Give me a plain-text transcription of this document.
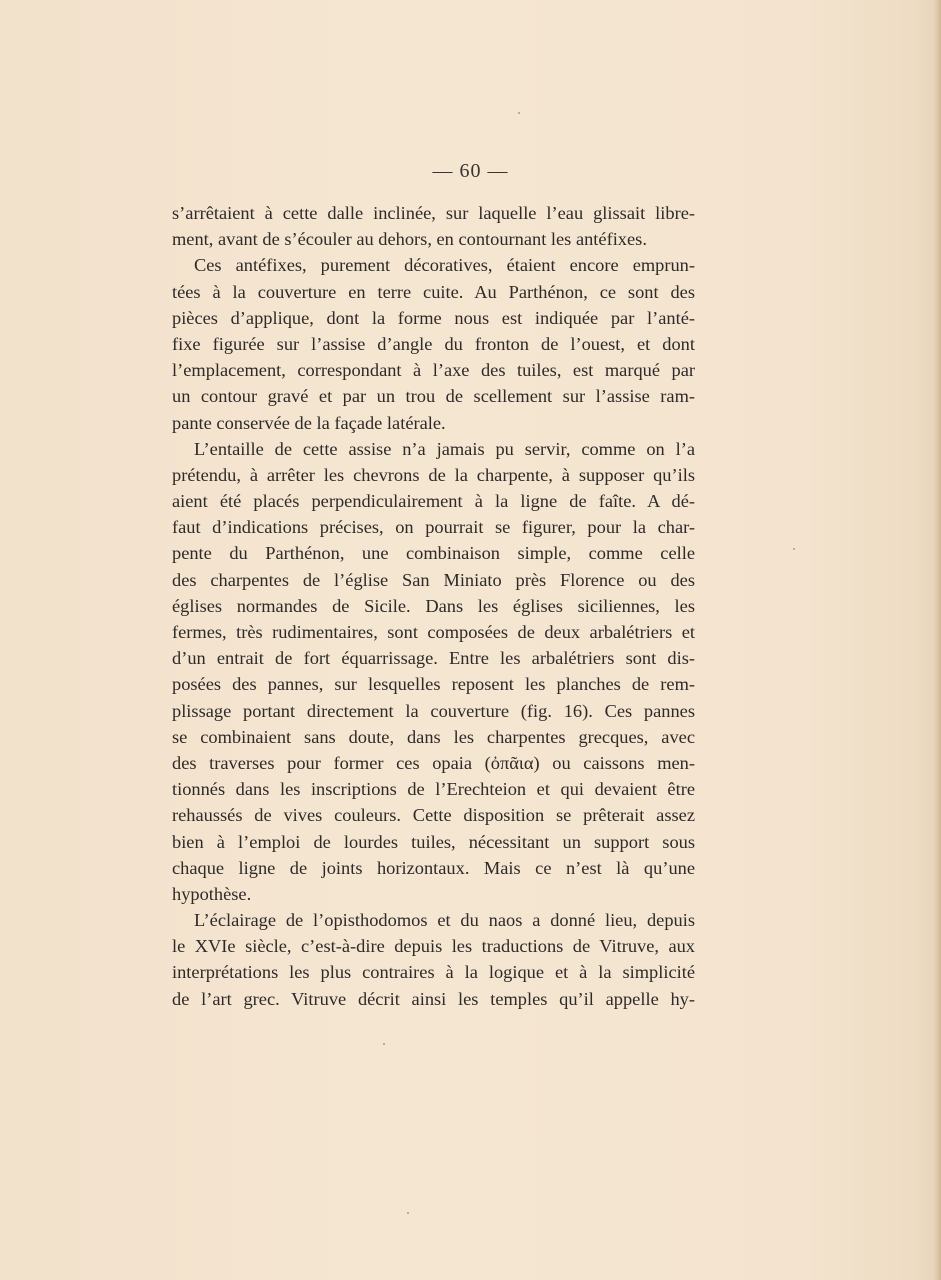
— 60 —
s’arrêtaient à cette dalle inclinée, sur laquelle l’eau glissait libre-
ment, avant de s’écouler au dehors, en contournant les antéfixes.
Ces antéfixes, purement décoratives, étaient encore emprun-
tées à la couverture en terre cuite. Au Parthénon, ce sont des
pièces d’applique, dont la forme nous est indiquée par l’anté-
fixe figurée sur l’assise d’angle du fronton de l’ouest, et dont
l’emplacement, correspondant à l’axe des tuiles, est marqué par
un contour gravé et par un trou de scellement sur l’assise ram-
pante conservée de la façade latérale.
L’entaille de cette assise n’a jamais pu servir, comme on l’a
prétendu, à arrêter les chevrons de la charpente, à supposer qu’ils
aient été placés perpendiculairement à la ligne de faîte. A dé-
faut d’indications précises, on pourrait se figurer, pour la char-
pente du Parthénon, une combinaison simple, comme celle
des charpentes de l’église San Miniato près Florence ou des
églises normandes de Sicile. Dans les églises siciliennes, les
fermes, très rudimentaires, sont composées de deux arbalétriers et
d’un entrait de fort équarrissage. Entre les arbalétriers sont dis-
posées des pannes, sur lesquelles reposent les planches de rem-
plissage portant directement la couverture (fig. 16). Ces pannes
se combinaient sans doute, dans les charpentes grecques, avec
des traverses pour former ces opaia (ὀπᾶια) ou caissons men-
tionnés dans les inscriptions de l’Erechteion et qui devaient être
rehaussés de vives couleurs. Cette disposition se prêterait assez
bien à l’emploi de lourdes tuiles, nécessitant un support sous
chaque ligne de joints horizontaux. Mais ce n’est là qu’une
hypothèse.
L’éclairage de l’opisthodomos et du naos a donné lieu, depuis
le XVIe siècle, c’est-à-dire depuis les traductions de Vitruve, aux
interprétations les plus contraires à la logique et à la simplicité
de l’art grec. Vitruve décrit ainsi les temples qu’il appelle hy-
